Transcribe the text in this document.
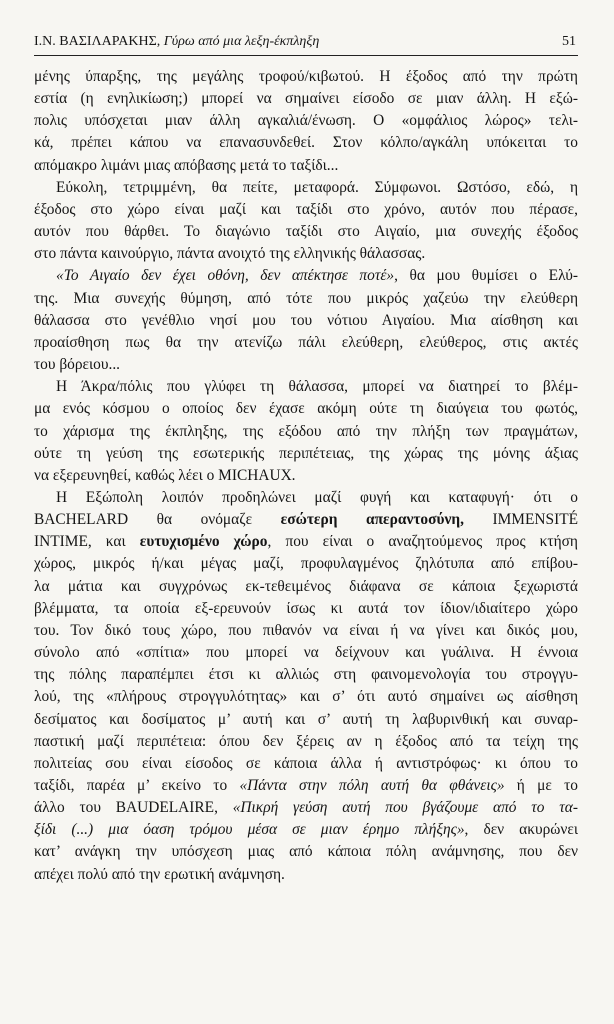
Ι.Ν. ΒΑΣΙΛΑΡΑΚΗΣ, Γύρω από μια λεξη-έκπληξη	51

μένης ύπαρξης, της μεγάλης τροφού/κιβωτού. Η έξοδος από την πρώτη
εστία (η ενηλικίωση;) μπορεί να σημαίνει είσοδο σε μιαν άλλη. Η εξώ-
πολις υπόσχεται μιαν άλλη αγκαλιά/ένωση. Ο «ομφάλιος λώρος» τελι-
κά, πρέπει κάπου να επανασυνδεθεί. Στον κόλπο/αγκάλη υπόκειται το
απόμακρο λιμάνι μιας απόβασης μετά το ταξίδι...

Εύκολη, τετριμμένη, θα πείτε, μεταφορά. Σύμφωνοι. Ωστόσο, εδώ, η
έξοδος στο χώρο είναι μαζί και ταξίδι στο χρόνο, αυτόν που πέρασε,
αυτόν που θάρθει. Το διαγώνιο ταξίδι στο Αιγαίο, μια συνεχής έξοδος
στο πάντα καινούργιο, πάντα ανοιχτό της ελληνικής θάλασσας.

«Το Αιγαίο δεν έχει οθόνη, δεν απέκτησε ποτέ», θα μου θυμίσει ο Ελύ-
της. Μια συνεχής θύμηση, από τότε που μικρός χαζεύω την ελεύθερη
θάλασσα στο γενέθλιο νησί μου του νότιου Αιγαίου. Μια αίσθηση και
προαίσθηση πως θα την ατενίζω πάλι ελεύθερη, ελεύθερος, στις ακτές
του βόρειου...

Η Άκρα/πόλις που γλύφει τη θάλασσα, μπορεί να διατηρεί το βλέμ-
μα ενός κόσμου ο οποίος δεν έχασε ακόμη ούτε τη διαύγεια του φωτός,
το χάρισμα της έκπληξης, της εξόδου από την πλήξη των πραγμάτων,
ούτε τη γεύση της εσωτερικής περιπέτειας, της χώρας της μόνης άξιας
να εξερευνηθεί, καθώς λέει ο MICHAUX.

Η Εξώπολη λοιπόν προδηλώνει μαζί φυγή και καταφυγή· ότι ο
BACHELARD θα ονόμαζε εσώτερη απεραντοσύνη, IMMENSITÉ
INTIME, και ευτυχισμένο χώρο, που είναι ο αναζητούμενος προς κτήση
χώρος, μικρός ή/και μέγας μαζί, προφυλαγμένος ζηλότυπα από επίβου-
λα μάτια και συγχρόνως εκ-τεθειμένος διάφανα σε κάποια ξεχωριστά
βλέμματα, τα οποία εξ-ερευνούν ίσως κι αυτά τον ίδιον/ιδιαίτερο χώρο
του. Τον δικό τους χώρο, που πιθανόν να είναι ή να γίνει και δικός μου,
σύνολο από «σπίτια» που μπορεί να δείχνουν και γυάλινα. Η έννοια
της πόλης παραπέμπει έτσι κι αλλιώς στη φαινομενολογία του στρογγυ-
λού, της «πλήρους στρογγυλότητας» και σ’ ότι αυτό σημαίνει ως αίσθηση
δεσίματος και δοσίματος μ’ αυτή και σ’ αυτή τη λαβυρινθική και συναρ-
παστική μαζί περιπέτεια: όπου δεν ξέρεις αν η έξοδος από τα τείχη της
πολιτείας σου είναι είσοδος σε κάποια άλλα ή αντιστρόφως· κι όπου το
ταξίδι, παρέα μ’ εκείνο το «Πάντα στην πόλη αυτή θα φθάνεις» ή με το
άλλο του BAUDELAIRE, «Πικρή γεύση αυτή που βγάζουμε από το τα-
ξίδι (...) μια όαση τρόμου μέσα σε μιαν έρημο πλήξης», δεν ακυρώνει
κατ’ ανάγκη την υπόσχεση μιας από κάποια πόλη ανάμνησης, που δεν
απέχει πολύ από την ερωτική ανάμνηση.
